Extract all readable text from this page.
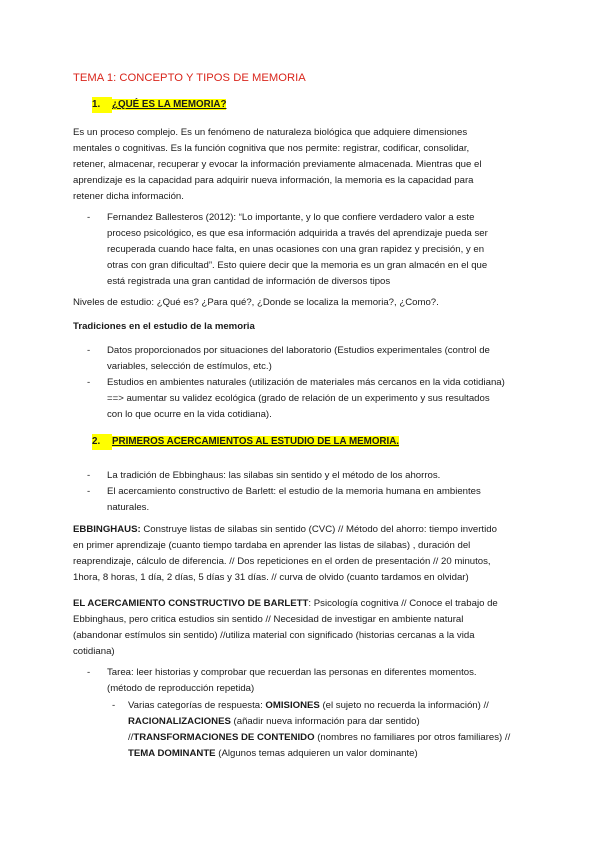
TEMA 1: CONCEPTO Y TIPOS DE MEMORIA
1. ¿QUÉ ES LA MEMORIA?
Es un proceso complejo. Es un fenómeno de naturaleza biológica que adquiere dimensiones
mentales o cognitivas. Es la función cognitiva que nos permite: registrar, codificar, consolidar,
retener, almacenar, recuperar y evocar la información previamente almacenada. Mientras que el
aprendizaje es la capacidad para adquirir nueva información, la memoria es la capacidad para
retener dicha información.
- Fernandez Ballesteros (2012): “Lo importante, y lo que confiere verdadero valor a este
proceso psicológico, es que esa información adquirida a través del aprendizaje pueda ser
recuperada cuando hace falta, en unas ocasiones con una gran rapidez y precisión, y en
otras con gran dificultad”. Esto quiere decir que la memoria es un gran almacén en el que
está registrada una gran cantidad de información de diversos tipos
Niveles de estudio: ¿Qué es? ¿Para qué?, ¿Donde se localiza la memoria?, ¿Como?.
Tradiciones en el estudio de la memoria
- Datos proporcionados por situaciones del laboratorio (Estudios experimentales (control de
variables, selección de estímulos, etc.)
- Estudios en ambientes naturales (utilización de materiales más cercanos en la vida cotidiana)
==> aumentar su validez ecológica (grado de relación de un experimento y sus resultados
con lo que ocurre en la vida cotidiana).
2. PRIMEROS ACERCAMIENTOS AL ESTUDIO DE LA MEMORIA.
- La tradición de Ebbinghaus: las silabas sin sentido y el método de los ahorros.
- El acercamiento constructivo de Barlett: el estudio de la memoria humana en ambientes
naturales.
EBBINGHAUS: Construye listas de silabas sin sentido (CVC) // Método del ahorro: tiempo invertido
en primer aprendizaje (cuanto tiempo tardaba en aprender las listas de silabas) , duración del
reaprendizaje, cálculo de diferencia. // Dos repeticiones en el orden de presentación // 20 minutos,
1hora, 8 horas, 1 día, 2 días, 5 días y 31 días. // curva de olvido (cuanto tardamos en olvidar)
EL ACERCAMIENTO CONSTRUCTIVO DE BARLETT: Psicología cognitiva // Conoce el trabajo de
Ebbinghaus, pero critica estudios sin sentido // Necesidad de investigar en ambiente natural
(abandonar estímulos sin sentido) //utiliza material con significado (historias cercanas a la vida
cotidiana)
- Tarea: leer historias y comprobar que recuerdan las personas en diferentes momentos.
(método de reproducción repetida)
- Varias categorías de respuesta: OMISIONES (el sujeto no recuerda la información) //
RACIONALIZACIONES (añadir nueva información para dar sentido)
//TRANSFORMACIONES DE CONTENIDO (nombres no familiares por otros familiares) //
TEMA DOMINANTE (Algunos temas adquieren un valor dominante)
